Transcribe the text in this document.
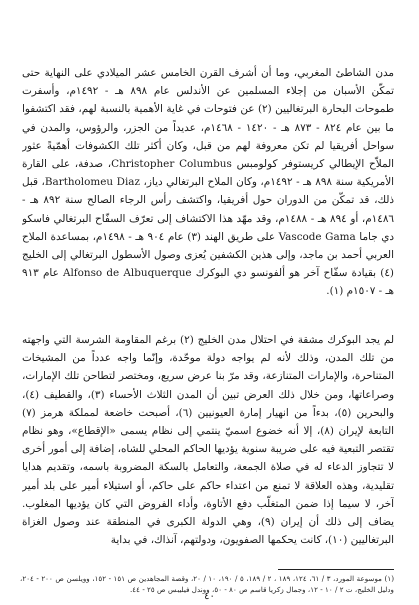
مدن الشاطئ المغربي، وما أن أشرف القرن الخامس عشر الميلادي على النهاية حتى تمكّن الأسبان من إجلاء المسلمين عن الأندلس عام ٨٩٨ هـ - ١٤٩٢م، وأسفرت طموحات البحارة البرتغاليين (٢) عن فتوحات في غاية الأهمية بالنسبة لهم، فقد اكتشفوا ما بين عام ٨٢٤ - ٨٧٣ هـ - ١٤٢٠ - ١٤٦٨م، عديداً من الجزر، والرؤوس، والمدن في سواحل أفريقيا لم تكن معروفة لهم من قبل، وكان أكثر تلك الكشوفات أهمّيةً عثور الملاّح الإيطالي كريستوفر كولومبس Christopher Columbus، صدفة، على القارة الأمريكية سنة ٨٩٨ هـ - ١٤٩٢م، وكان الملاح البرتغالي دياز، Bartholomeu Diaz، قبل ذلك، قد تمكّن من الدوران حول أفريقيا، واكتشف رأس الرجاء الصالح سنة ٨٩٢ هـ - ١٤٨٦م، أو ٨٩٤ هـ - ١٤٨٨م، وقد مهّد هذا الاكتشاف إلى تعرّف السفّاح البرتغالي فاسكو دي جاما Vascode Gama على طريق الهند (٣) عام ٩٠٤ هـ - ١٤٩٨م، بمساعدة الملاح العربي أحمد بن ماجد، وإلى هذين الكشفين يُعزى وصول الأسطول البرتغالي إلى الخليج (٤) بقيادة سفّاح آخر هو ألفونسو دي البوكرك Alfonso de Albuquerque عام ٩١٣ هـ - ١٥٠٧م (١).
لم يجد البوكرك مشقة في احتلال مدن الخليج (٢) برغم المقاومة الشرسة التي واجهته من تلك المدن، وذلك لأنه لم يواجه دولة موحّدة، وإنّما واجه عدداً من المشيخات المتناحرة، والإمارات المتنازعة، وقد مرّ بنا عرض سريع، ومختصر لتطاحن تلك الإمارات، وصراعاتها، ومن خلال ذلك العرض تبين أن المدن الثلاث الأحساء (٣)، والقطيف (٤)، والبحرين (٥)، بدءاً من انهيار إمارة العيونيين (٦)، أصبحت خاضعة لمملكة هرمز (٧) التابعة لإيران (٨)، إلا أنه خضوع اسميّ ينتمي إلى نظام يسمى «الإقطاع»، وهو نظام تقتصر التبعية فيه على ضريبة سنوية يؤديها الحاكم المحلي للشاه، إضافة إلى أمور أخرى لا تتجاوز الدعاء له في صلاة الجمعة، والتعامل بالسكة المضروبة باسمه، وتقديم هدايا تقليدية، وهذه العلاقة لا تمنع من اعتداء حاكم على حاكم، أو استيلاء أمير على بلد أمير آخر، لا سيما إذا ضمن المتغلّب دفع الأتاوة، وأداء الفروض التي كان يؤديها المغلوب. يضاف إلى ذلك أن إيران (٩)، وهي الدولة الكبرى في المنطقة عند وصول الغزاة البرتغاليين (١٠)، كانت يحكمها الصفويون، ودولتهم، آنذاك، في بداية
(١) موسوعة المورد، ٣ / ٦١، ١٢٤، ١٨٩ ، ٢ / ١٨٩، ٥ / ١٩٠، ١٠ / ٢٠، وقصة المجاهدين ص ١٥١ - ١٥٢، وويلسن ص ٢٠٠ - ٢٠٤، ودليل الخليج، ت ٢ / ١٠ - ١٢، وجمال زكريا قاسم ص ٨٠ - ٥٠، ووندل فيليبس ص ٢٥ - ٤٤.
٤٠
